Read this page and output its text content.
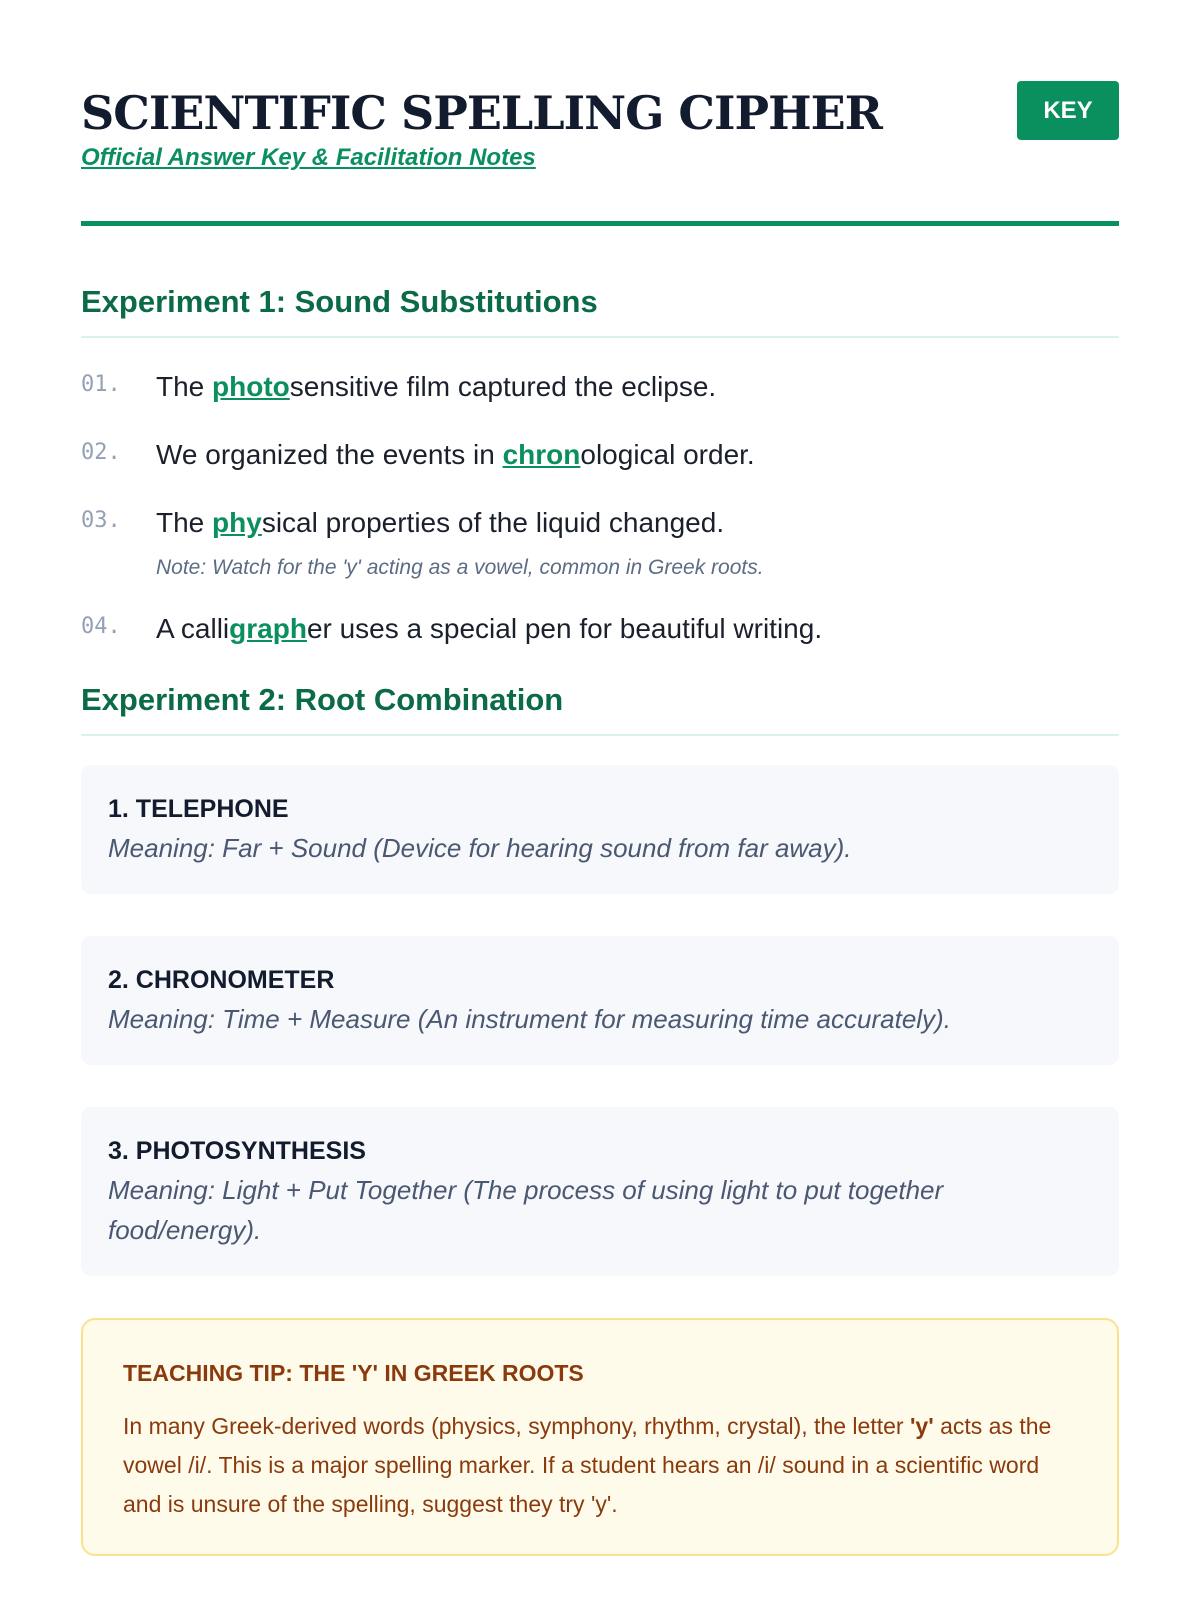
SCIENTIFIC SPELLING CIPHER
Official Answer Key & Facilitation Notes
KEY
Experiment 1: Sound Substitutions
01.	The photosensitive film captured the eclipse.
02.	We organized the events in chronological order.
03.	The physical properties of the liquid changed.
Note: Watch for the 'y' acting as a vowel, common in Greek roots.
04.	A calligrapher uses a special pen for beautiful writing.
Experiment 2: Root Combination
1. TELEPHONE
Meaning: Far + Sound (Device for hearing sound from far away).
2. CHRONOMETER
Meaning: Time + Measure (An instrument for measuring time accurately).
3. PHOTOSYNTHESIS
Meaning: Light + Put Together (The process of using light to put together food/energy).
TEACHING TIP: THE 'Y' IN GREEK ROOTS
In many Greek-derived words (physics, symphony, rhythm, crystal), the letter 'y' acts as the vowel /i/. This is a major spelling marker. If a student hears an /i/ sound in a scientific word and is unsure of the spelling, suggest they try 'y'.
